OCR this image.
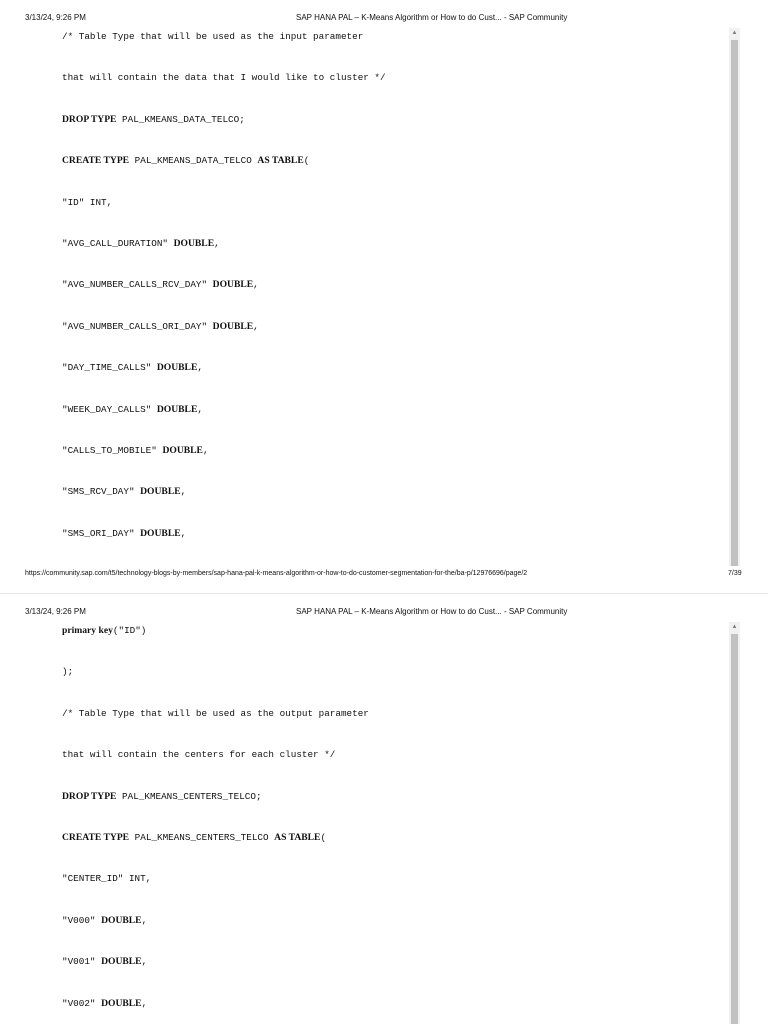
3/13/24, 9:26 PM	SAP HANA PAL – K-Means Algorithm or How to do Cust... - SAP Community
/* Table Type that will be used as the input parameter
that will contain the data that I would like to cluster */
DROP TYPE PAL_KMEANS_DATA_TELCO;
CREATE TYPE PAL_KMEANS_DATA_TELCO AS TABLE(
"ID" INT,
"AVG_CALL_DURATION" DOUBLE,
"AVG_NUMBER_CALLS_RCV_DAY" DOUBLE,
"AVG_NUMBER_CALLS_ORI_DAY" DOUBLE,
"DAY_TIME_CALLS" DOUBLE,
"WEEK_DAY_CALLS" DOUBLE,
"CALLS_TO_MOBILE" DOUBLE,
"SMS_RCV_DAY" DOUBLE,
"SMS_ORI_DAY" DOUBLE,
▲
https://community.sap.com/t5/technology-blogs-by-members/sap-hana-pal-k-means-algorithm-or-how-to-do-customer-segmentation-for-the/ba-p/12976696/page/2	7/39
3/13/24, 9:26 PM	SAP HANA PAL – K-Means Algorithm or How to do Cust... - SAP Community
primary key("ID")
);
/* Table Type that will be used as the output parameter
that will contain the centers for each cluster */
DROP TYPE PAL_KMEANS_CENTERS_TELCO;
CREATE TYPE PAL_KMEANS_CENTERS_TELCO AS TABLE(
"CENTER_ID" INT,
"V000" DOUBLE,
"V001" DOUBLE,
"V002" DOUBLE,
▲
